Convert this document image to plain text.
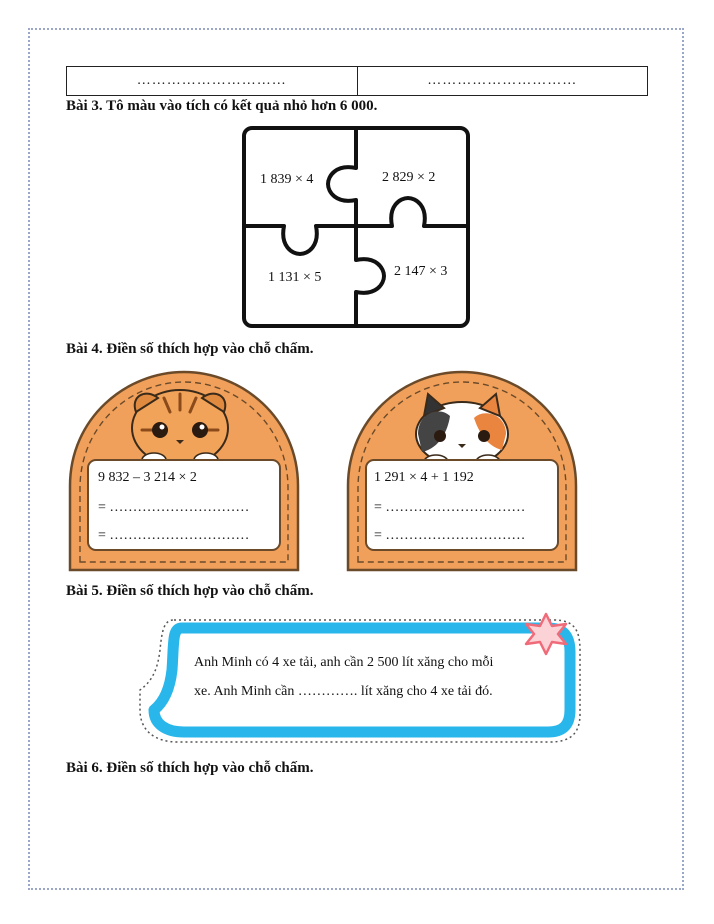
…………………………	…………………………
Bài 3. Tô màu vào tích có kết quả nhỏ hơn 6 000.
1 839 × 4	2 829 × 2
1 131 × 5	2 147 × 3
Bài 4. Điền số thích hợp vào chỗ chấm.
9 832 – 3 214 × 2
= …………………………
= …………………………
1 291 × 4 + 1 192
= …………………………
= …………………………
Bài 5. Điền số thích hợp vào chỗ chấm.
Anh Minh có 4 xe tải, anh cần 2 500 lít xăng cho mỗi
xe. Anh Minh cần …………. lít xăng cho 4 xe tải đó.
Bài 6. Điền số thích hợp vào chỗ chấm.
